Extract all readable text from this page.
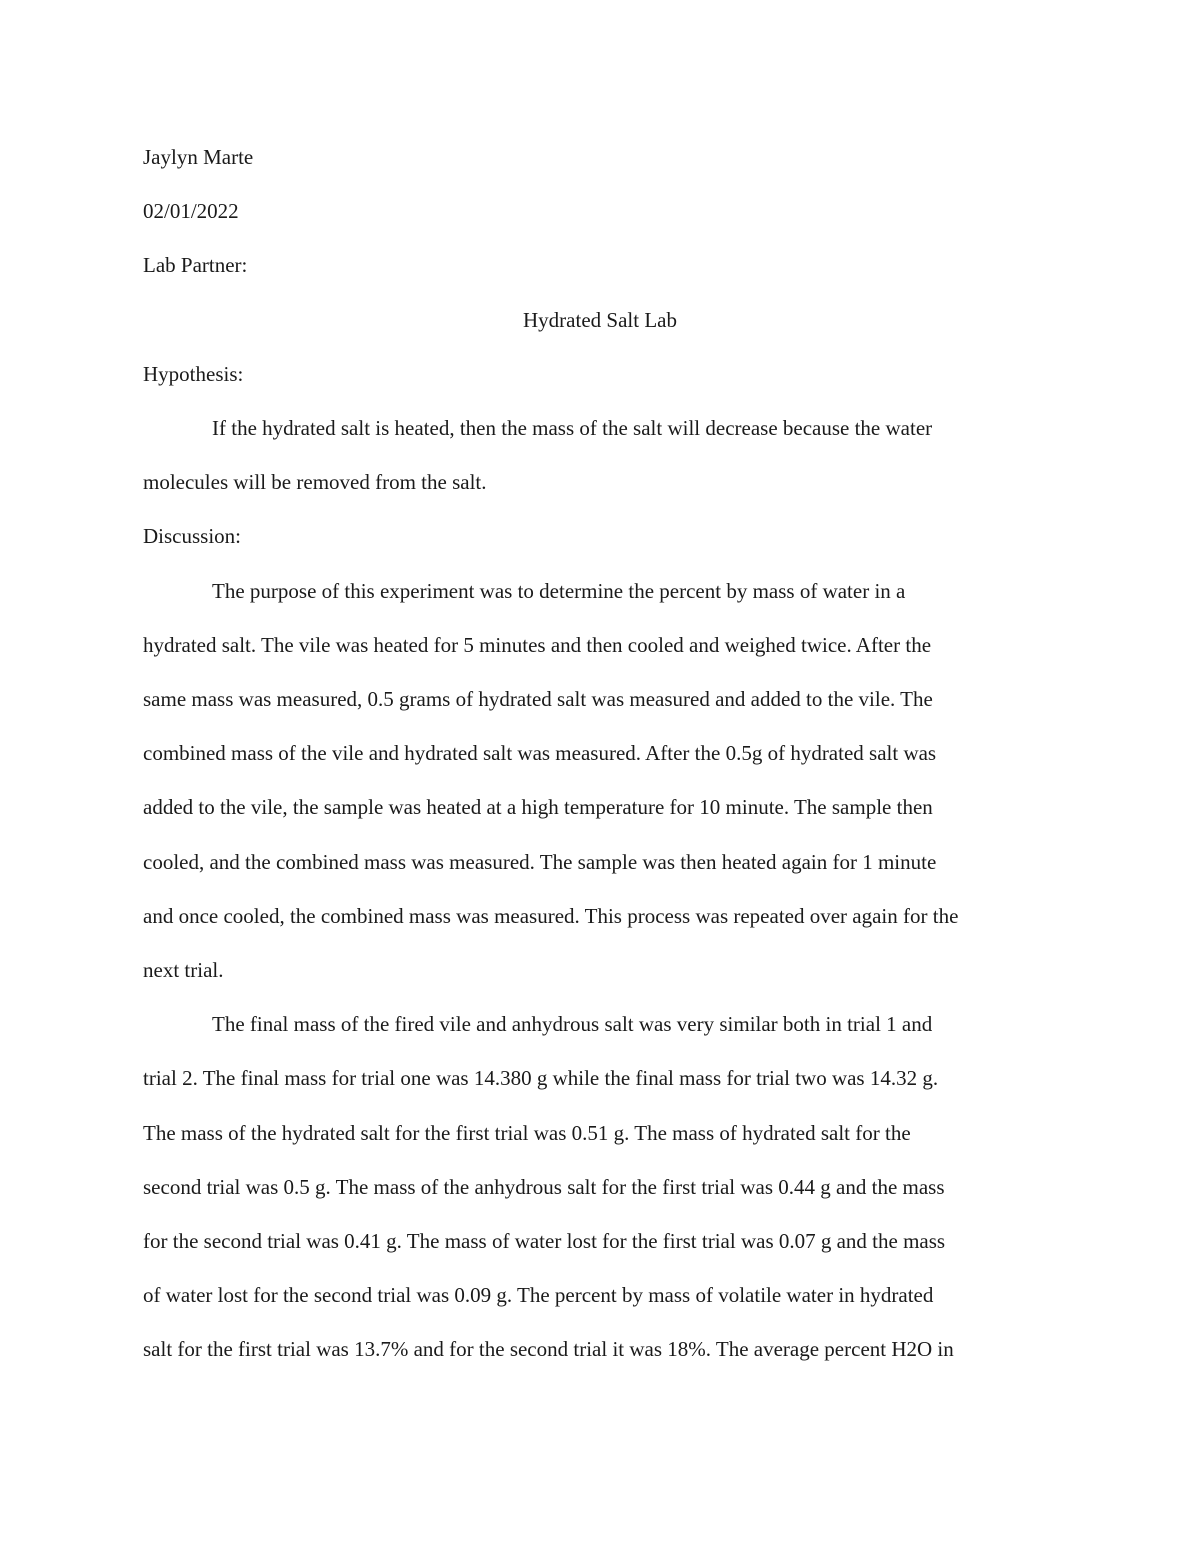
Jaylyn Marte

02/01/2022

Lab Partner:

Hydrated Salt Lab

Hypothesis:

If the hydrated salt is heated, then the mass of the salt will decrease because the water
molecules will be removed from the salt.

Discussion:

The purpose of this experiment was to determine the percent by mass of water in a
hydrated salt. The vile was heated for 5 minutes and then cooled and weighed twice. After the
same mass was measured, 0.5 grams of hydrated salt was measured and added to the vile. The
combined mass of the vile and hydrated salt was measured. After the 0.5g of hydrated salt was
added to the vile, the sample was heated at a high temperature for 10 minute. The sample then
cooled, and the combined mass was measured. The sample was then heated again for 1 minute
and once cooled, the combined mass was measured. This process was repeated over again for the
next trial.
The final mass of the fired vile and anhydrous salt was very similar both in trial 1 and
trial 2. The final mass for trial one was 14.380 g while the final mass for trial two was 14.32 g.
The mass of the hydrated salt for the first trial was 0.51 g. The mass of hydrated salt for the
second trial was 0.5 g. The mass of the anhydrous salt for the first trial was 0.44 g and the mass
for the second trial was 0.41 g. The mass of water lost for the first trial was 0.07 g and the mass
of water lost for the second trial was 0.09 g. The percent by mass of volatile water in hydrated
salt for the first trial was 13.7% and for the second trial it was 18%. The average percent H2O in
